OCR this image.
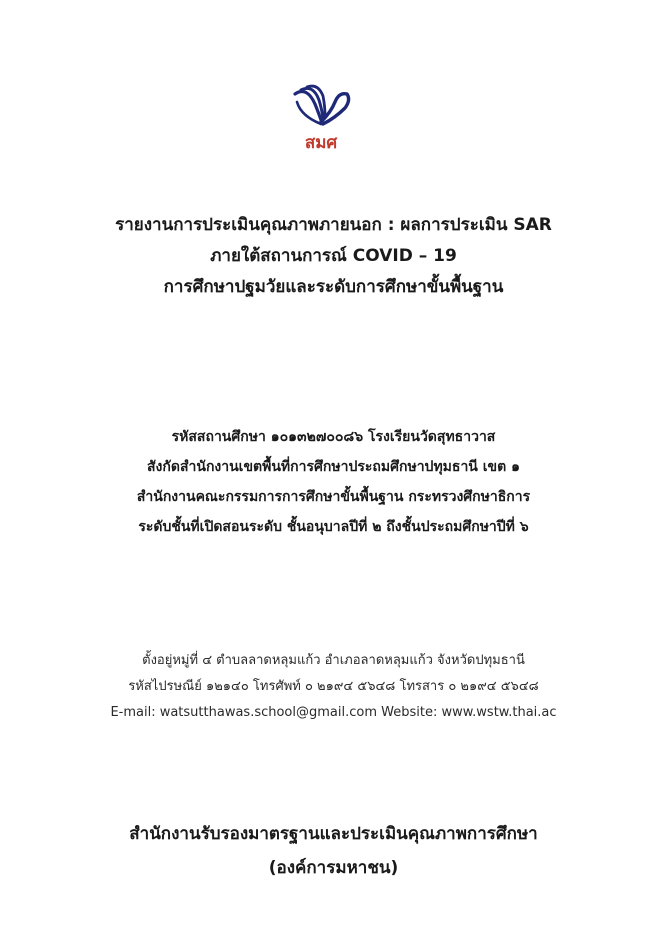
สมศ
รายงานการประเมินคุณภาพภายนอก : ผลการประเมิน SAR
ภายใต้สถานการณ์ COVID – 19
การศึกษาปฐมวัยและระดับการศึกษาขั้นพื้นฐาน
รหัสสถานศึกษา ๑๐๑๓๒๗๐๐๘๖ โรงเรียนวัดสุทธาวาส
สังกัดสำนักงานเขตพื้นที่การศึกษาประถมศึกษาปทุมธานี เขต ๑
สำนักงานคณะกรรมการการศึกษาขั้นพื้นฐาน กระทรวงศึกษาธิการ
ระดับชั้นที่เปิดสอนระดับ ชั้นอนุบาลปีที่ ๒ ถึงชั้นประถมศึกษาปีที่ ๖
ตั้งอยู่หมู่ที่ ๔ ตำบลลาดหลุมแก้ว อำเภอลาดหลุมแก้ว จังหวัดปทุมธานี
รหัสไปรษณีย์ ๑๒๑๔๐ โทรศัพท์ ๐ ๒๑๙๔ ๕๖๔๘ โทรสาร ๐ ๒๑๙๔ ๕๖๔๘
E-mail: watsutthawas.school@gmail.com Website: www.wstw.thai.ac
สำนักงานรับรองมาตรฐานและประเมินคุณภาพการศึกษา
(องค์การมหาชน)
